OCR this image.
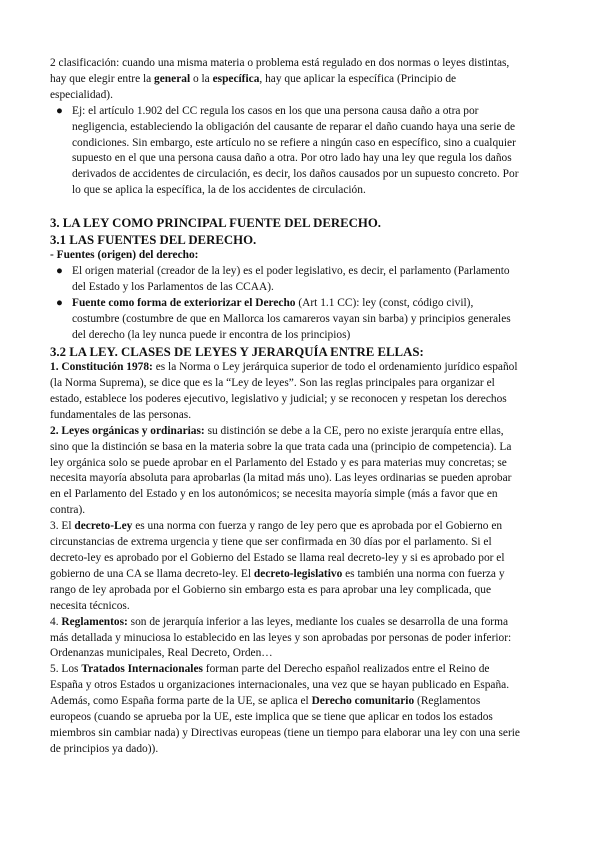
2 clasificación: cuando una misma materia o problema está regulado en dos normas o leyes distintas, hay que elegir entre la general o la específica, hay que aplicar la específica (Principio de especialidad).

● Ej: el artículo 1.902 del CC regula los casos en los que una persona causa daño a otra por negligencia, estableciendo la obligación del causante de reparar el daño cuando haya una serie de condiciones. Sin embargo, este artículo no se refiere a ningún caso en específico, sino a cualquier supuesto en el que una persona causa daño a otra. Por otro lado hay una ley que regula los daños derivados de accidentes de circulación, es decir, los daños causados por un supuesto concreto. Por lo que se aplica la específica, la de los accidentes de circulación.

3. LA LEY COMO PRINCIPAL FUENTE DEL DERECHO.

3.1 LAS FUENTES DEL DERECHO.

- Fuentes (origen) del derecho:

● El origen material (creador de la ley) es el poder legislativo, es decir, el parlamento (Parlamento del Estado y los Parlamentos de las CCAA).
● Fuente como forma de exteriorizar el Derecho (Art 1.1 CC): ley (const, código civil), costumbre (costumbre de que en Mallorca los camareros vayan sin barba) y principios generales del derecho (la ley nunca puede ir encontra de los principios)

3.2 LA LEY. CLASES DE LEYES Y JERARQUÍA ENTRE ELLAS:

1. Constitución 1978: es la Norma o Ley jerárquica superior de todo el ordenamiento jurídico español (la Norma Suprema), se dice que es la “Ley de leyes”. Son las reglas principales para organizar el estado, establece los poderes ejecutivo, legislativo y judicial; y se reconocen y respetan los derechos fundamentales de las personas.

2. Leyes orgánicas y ordinarias: su distinción se debe a la CE, pero no existe jerarquía entre ellas, sino que la distinción se basa en la materia sobre la que trata cada una (principio de competencia). La ley orgánica solo se puede aprobar en el Parlamento del Estado y es para materias muy concretas; se necesita mayoría absoluta para aprobarlas (la mitad más uno). Las leyes ordinarias se pueden aprobar en el Parlamento del Estado y en los autonómicos; se necesita mayoría simple (más a favor que en contra).

3. El decreto-Ley es una norma con fuerza y rango de ley pero que es aprobada por el Gobierno en circunstancias de extrema urgencia y tiene que ser confirmada en 30 días por el parlamento. Si el decreto-ley es aprobado por el Gobierno del Estado se llama real decreto-ley y si es aprobado por el gobierno de una CA se llama decreto-ley. El decreto-legislativo es también una norma con fuerza y rango de ley aprobada por el Gobierno sin embargo esta es para aprobar una ley complicada, que necesita técnicos.

4. Reglamentos: son de jerarquía inferior a las leyes, mediante los cuales se desarrolla de una forma más detallada y minuciosa lo establecido en las leyes y son aprobadas por personas de poder inferior: Ordenanzas municipales, Real Decreto, Orden…

5. Los Tratados Internacionales forman parte del Derecho español realizados entre el Reino de España y otros Estados u organizaciones internacionales, una vez que se hayan publicado en España. Además, como España forma parte de la UE, se aplica el Derecho comunitario (Reglamentos europeos (cuando se aprueba por la UE, este implica que se tiene que aplicar en todos los estados miembros sin cambiar nada) y Directivas europeas (tiene un tiempo para elaborar una ley con una serie de principios ya dado)).
